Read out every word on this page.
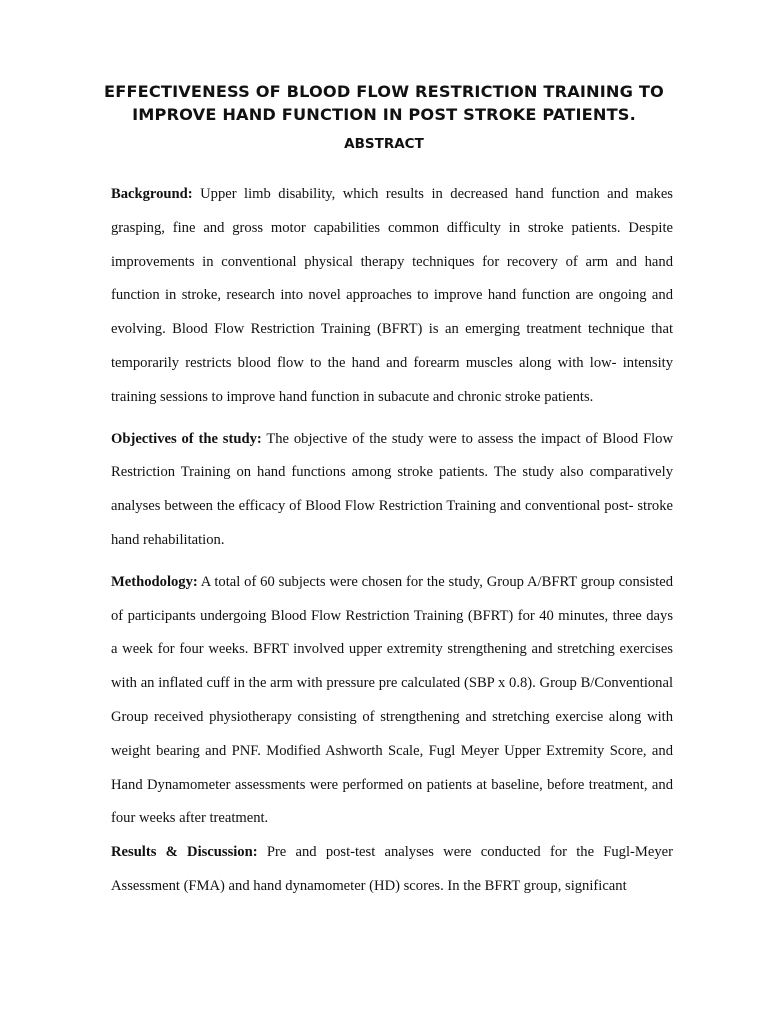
EFFECTIVENESS OF BLOOD FLOW RESTRICTION TRAINING TO IMPROVE HAND FUNCTION IN POST STROKE PATIENTS.
ABSTRACT

Background: Upper limb disability, which results in decreased hand function and makes grasping, fine and gross motor capabilities common difficulty in stroke patients. Despite improvements in conventional physical therapy techniques for recovery of arm and hand function in stroke, research into novel approaches to improve hand function are ongoing and evolving. Blood Flow Restriction Training (BFRT) is an emerging treatment technique that temporarily restricts blood flow to the hand and forearm muscles along with low- intensity training sessions to improve hand function in subacute and chronic stroke patients.

Objectives of the study: The objective of the study were to assess the impact of Blood Flow Restriction Training on hand functions among stroke patients. The study also comparatively analyses between the efficacy of Blood Flow Restriction Training and conventional post- stroke hand rehabilitation.

Methodology: A total of 60 subjects were chosen for the study, Group A/BFRT group consisted of participants undergoing Blood Flow Restriction Training (BFRT) for 40 minutes, three days a week for four weeks. BFRT involved upper extremity strengthening and stretching exercises with an inflated cuff in the arm with pressure pre calculated (SBP x 0.8). Group B/Conventional Group received physiotherapy consisting of strengthening and stretching exercise along with weight bearing and PNF. Modified Ashworth Scale, Fugl Meyer Upper Extremity Score, and Hand Dynamometer assessments were performed on patients at baseline, before treatment, and four weeks after treatment.

Results & Discussion: Pre and post-test analyses were conducted for the Fugl-Meyer Assessment (FMA) and hand dynamometer (HD) scores. In the BFRT group, significant
